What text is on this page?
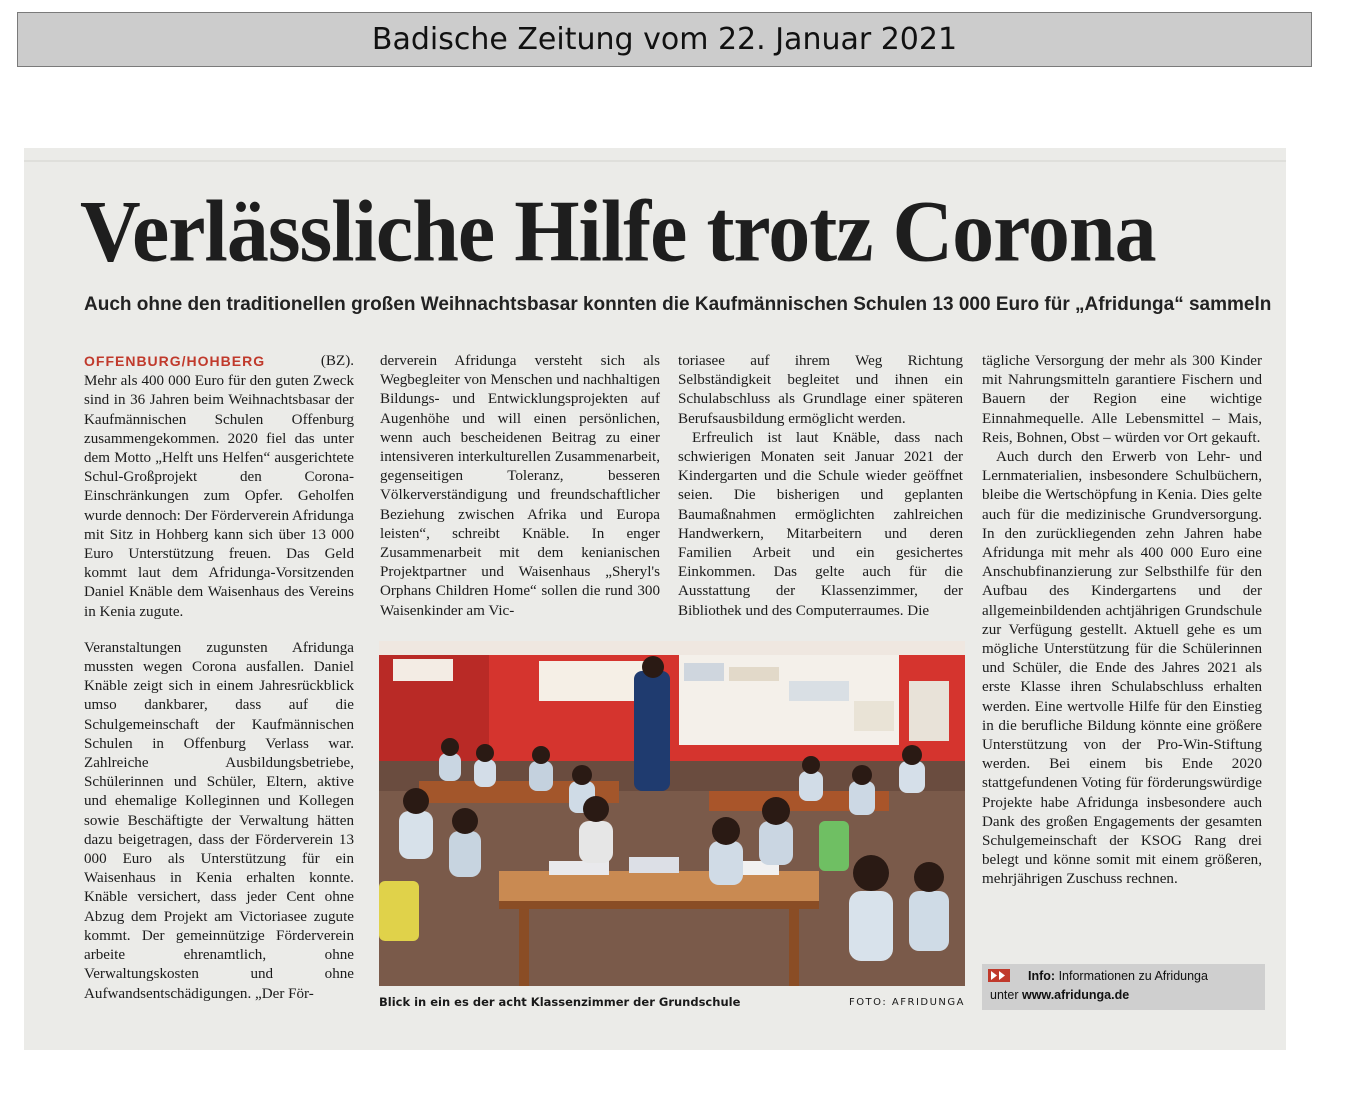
Badische Zeitung vom 22. Januar 2021
Verlässliche Hilfe trotz Corona
Auch ohne den traditionellen großen Weihnachtsbasar konnten die Kaufmännischen Schulen 13 000 Euro für „Afridunga“ sammeln

OFFENBURG/HOHBERG	(BZ).

Mehr als 400 000 Euro für den guten Zweck sind in 36 Jahren beim Weihnachtsbasar der Kaufmännischen Schulen Offenburg zusammengekommen. 2020 fiel das unter dem Motto „Helft uns Helfen“ ausgerichtete Schul-Großprojekt den Corona-Einschränkungen zum Opfer. Geholfen wurde dennoch: Der Förderverein Afridunga mit Sitz in Hohberg kann sich über 13 000 Euro Unterstützung freuen. Das Geld kommt laut dem Afridunga-Vorsitzenden Daniel Knäble dem Waisenhaus des Vereins in Kenia zugute.

Veranstaltungen zugunsten Afridunga mussten wegen Corona ausfallen. Daniel Knäble zeigt sich in einem Jahresrückblick umso dankbarer, dass auf die Schulgemeinschaft der Kaufmännischen Schulen in Offenburg Verlass war. Zahlreiche Ausbildungsbetriebe, Schülerinnen und Schüler, Eltern, aktive und ehemalige Kolleginnen und Kollegen sowie Beschäftigte der Verwaltung hätten dazu beigetragen, dass der Förderverein 13 000 Euro als Unterstützung für ein Waisenhaus in Kenia erhalten konnte. Knäble versichert, dass jeder Cent ohne Abzug dem Projekt am Victoriasee zugute kommt. Der gemeinnützige Förderverein arbeite ehrenamtlich, ohne Verwaltungskosten und ohne Aufwandsentschädigungen. „Der För-

derverein Afridunga versteht sich als Wegbegleiter von Menschen und nachhaltigen Bildungs- und Entwicklungsprojekten auf Augenhöhe und will einen persönlichen, wenn auch bescheidenen Beitrag zu einer intensiveren interkulturellen Zusammenarbeit, gegenseitigen Toleranz, besseren Völkerverständigung und freundschaftlicher Beziehung zwischen Afrika und Europa leisten“, schreibt Knäble. In enger Zusammenarbeit mit dem kenianischen Projektpartner und Waisenhaus „Sheryl's Orphans Children Home“ sollen die rund 300 Waisenkinder am Vic-

toriasee auf ihrem Weg Richtung Selbständigkeit begleitet und ihnen ein Schulabschluss als Grundlage einer späteren Berufsausbildung ermöglicht werden.

Erfreulich ist laut Knäble, dass nach schwierigen Monaten seit Januar 2021 der Kindergarten und die Schule wieder geöffnet seien. Die bisherigen und geplanten Baumaßnahmen ermöglichten zahlreichen Handwerkern, Mitarbeitern und deren Familien Arbeit und ein gesichertes Einkommen. Das gelte auch für die Ausstattung der Klassenzimmer, der Bibliothek und des Computerraumes. Die

tägliche Versorgung der mehr als 300 Kinder mit Nahrungsmitteln garantiere Fischern und Bauern der Region eine wichtige Einnahmequelle. Alle Lebensmittel – Mais, Reis, Bohnen, Obst – würden vor Ort gekauft.

Auch durch den Erwerb von Lehr- und Lernmaterialien, insbesondere Schulbüchern, bleibe die Wertschöpfung in Kenia. Dies gelte auch für die medizinische Grundversorgung. In den zurückliegenden zehn Jahren habe Afridunga mit mehr als 400 000 Euro eine Anschubfinanzierung zur Selbsthilfe für den Aufbau des Kindergartens und der allgemeinbildenden achtjährigen Grundschule zur Verfügung gestellt. Aktuell gehe es um mögliche Unterstützung für die Schülerinnen und Schüler, die Ende des Jahres 2021 als erste Klasse ihren Schulabschluss erhalten werden. Eine wertvolle Hilfe für den Einstieg in die berufliche Bildung könnte eine größere Unterstützung von der Pro-Win-Stiftung werden. Bei einem bis Ende 2020 stattgefundenen Voting für förderungswürdige Projekte habe Afridunga insbesondere auch Dank des großen Engagements der gesamten Schulgemeinschaft der KSOG Rang drei belegt und könne somit mit einem größeren, mehrjährigen Zuschuss rechnen.

Blick in ein es der acht Klassenzimmer der Grundschule	FOTO: AFRIDUNGA
Info: Informationen zu Afridunga
unter www.afridunga.de
